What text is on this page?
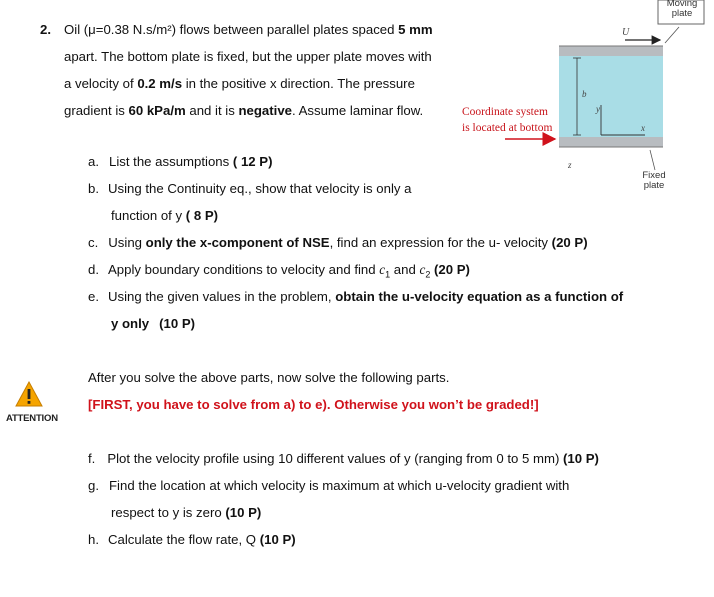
2. Oil (μ=0.38 N.s/m²) flows between parallel plates spaced 5 mm
apart. The bottom plate is fixed, but the upper plate moves with
a velocity of 0.2 m/s in the positive x direction. The pressure
gradient is 60 kPa/m and it is negative. Assume laminar flow.
U
b
y
x
z
Moving plate
Fixed plate
Coordinate system
is located at bottom
a. List the assumptions ( 12 P)
b. Using the Continuity eq., show that velocity is only a
function of y ( 8 P)
c. Using only the x-component of NSE, find an expression for the u- velocity (20 P)
d. Apply boundary conditions to velocity and find $c_1$ and $c_2$ (20 P)
e. Using the given values in the problem, obtain the u-velocity equation as a function of
y only (10 P)
After you solve the above parts, now solve the following parts.
[FIRST, you have to solve from a) to e). Otherwise you won’t be graded!]
ATTENTION
f. Plot the velocity profile using 10 different values of y (ranging from 0 to 5 mm) (10 P)
g. Find the location at which velocity is maximum at which u-velocity gradient with
respect to y is zero (10 P)
h. Calculate the flow rate, Q (10 P)
